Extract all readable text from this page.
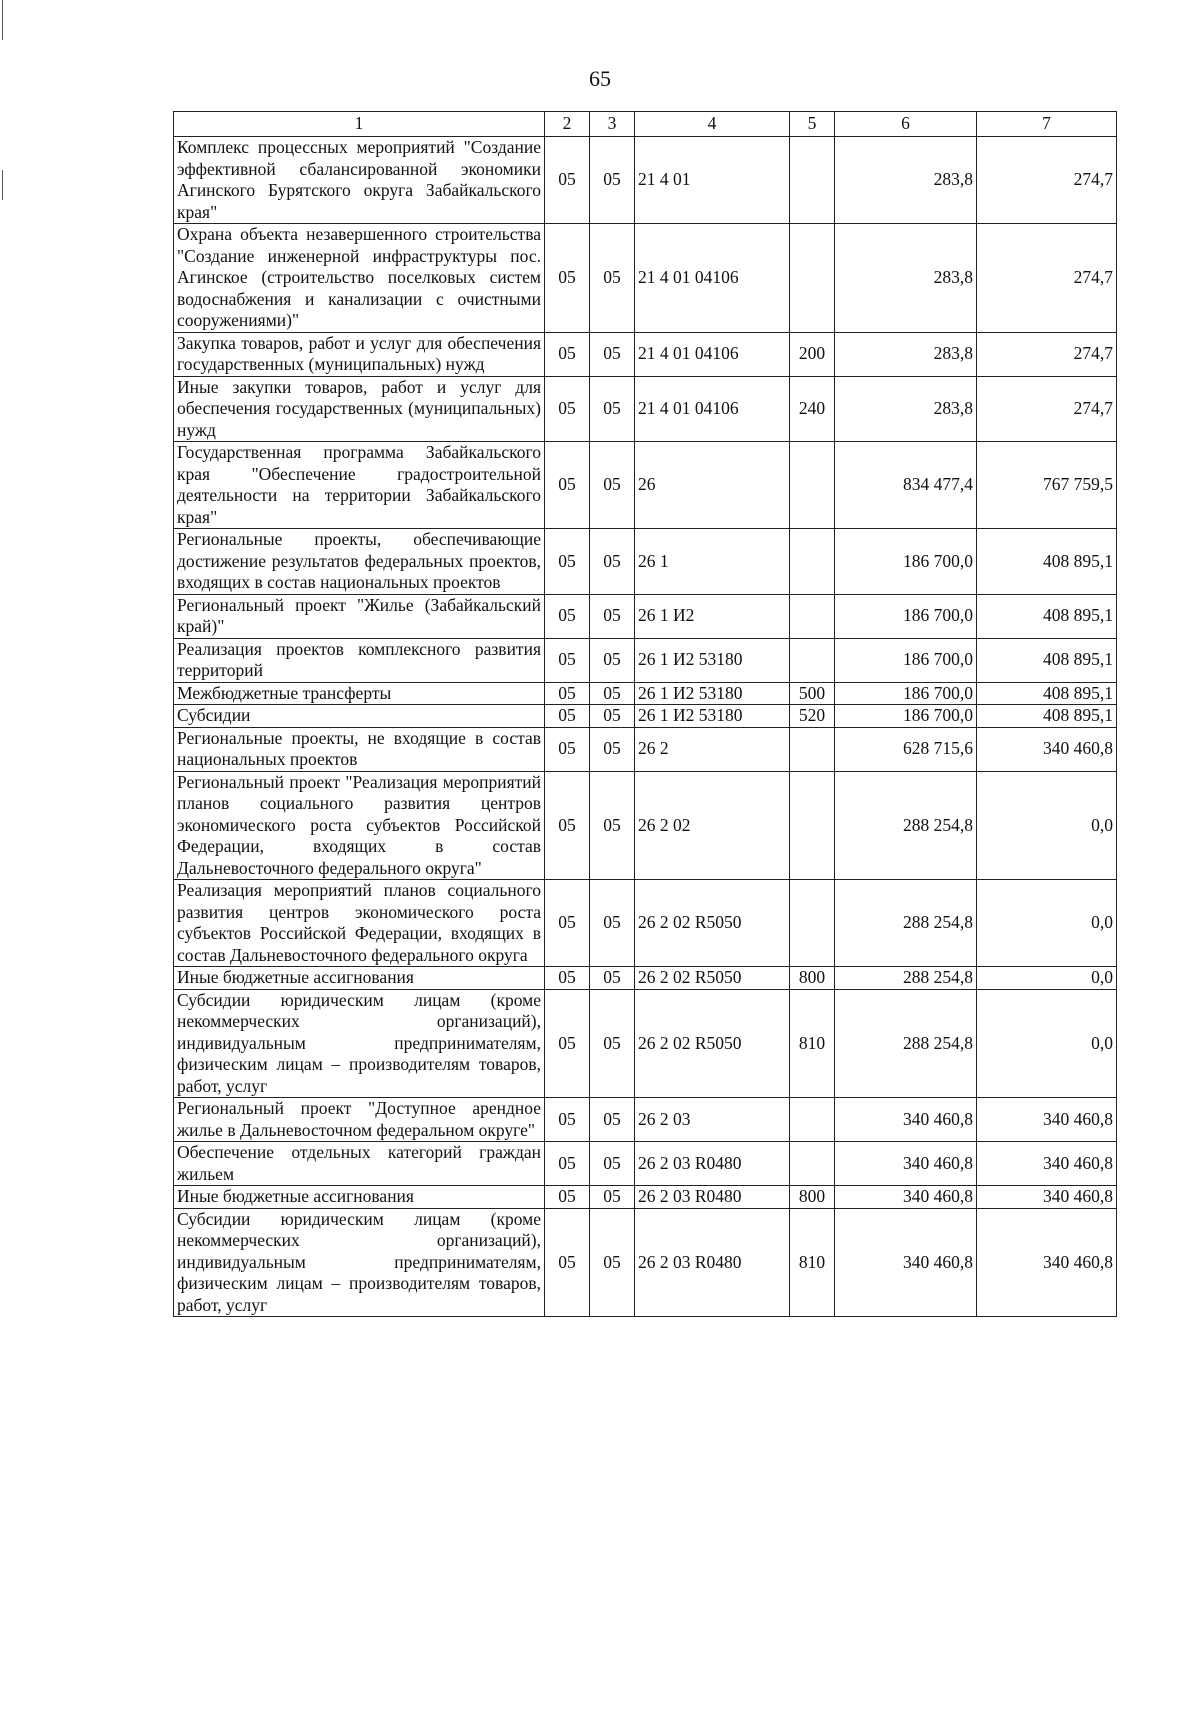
65
1	2	3	4	5	6	7
Комплекс процессных мероприятий "Создание эффективной сбалансированной экономики Агинского Бурятского округа Забайкальского края"	05	05	21 4 01		283,8	274,7
Охрана объекта незавершенного строительства "Создание инженерной инфраструктуры пос. Агинское (строительство поселковых систем водоснабжения и канализации с очистными сооружениями)"	05	05	21 4 01 04106		283,8	274,7
Закупка товаров, работ и услуг для обеспечения государственных (муниципальных) нужд	05	05	21 4 01 04106	200	283,8	274,7
Иные закупки товаров, работ и услуг для обеспечения государственных (муниципальных) нужд	05	05	21 4 01 04106	240	283,8	274,7
Государственная программа Забайкальского края "Обеспечение градостроительной деятельности на территории Забайкальского края"	05	05	26		834 477,4	767 759,5
Региональные проекты, обеспечивающие достижение результатов федеральных проектов, входящих в состав национальных проектов	05	05	26 1		186 700,0	408 895,1
Региональный проект "Жилье (Забайкальский край)"	05	05	26 1 И2		186 700,0	408 895,1
Реализация проектов комплексного развития территорий	05	05	26 1 И2 53180		186 700,0	408 895,1
Межбюджетные трансферты	05	05	26 1 И2 53180	500	186 700,0	408 895,1
Субсидии	05	05	26 1 И2 53180	520	186 700,0	408 895,1
Региональные проекты, не входящие в состав национальных проектов	05	05	26 2		628 715,6	340 460,8
Региональный проект "Реализация мероприятий планов социального развития центров экономического роста субъектов Российской Федерации, входящих в состав Дальневосточного федерального округа"	05	05	26 2 02		288 254,8	0,0
Реализация мероприятий планов социального развития центров экономического роста субъектов Российской Федерации, входящих в состав Дальневосточного федерального округа	05	05	26 2 02 R5050		288 254,8	0,0
Иные бюджетные ассигнования	05	05	26 2 02 R5050	800	288 254,8	0,0
Субсидии юридическим лицам (кроме некоммерческих организаций), индивидуальным предпринимателям, физическим лицам – производителям товаров, работ, услуг	05	05	26 2 02 R5050	810	288 254,8	0,0
Региональный проект "Доступное арендное жилье в Дальневосточном федеральном округе"	05	05	26 2 03		340 460,8	340 460,8
Обеспечение отдельных категорий граждан жильем	05	05	26 2 03 R0480		340 460,8	340 460,8
Иные бюджетные ассигнования	05	05	26 2 03 R0480	800	340 460,8	340 460,8
Субсидии юридическим лицам (кроме некоммерческих организаций), индивидуальным предпринимателям, физическим лицам – производителям товаров, работ, услуг	05	05	26 2 03 R0480	810	340 460,8	340 460,8
